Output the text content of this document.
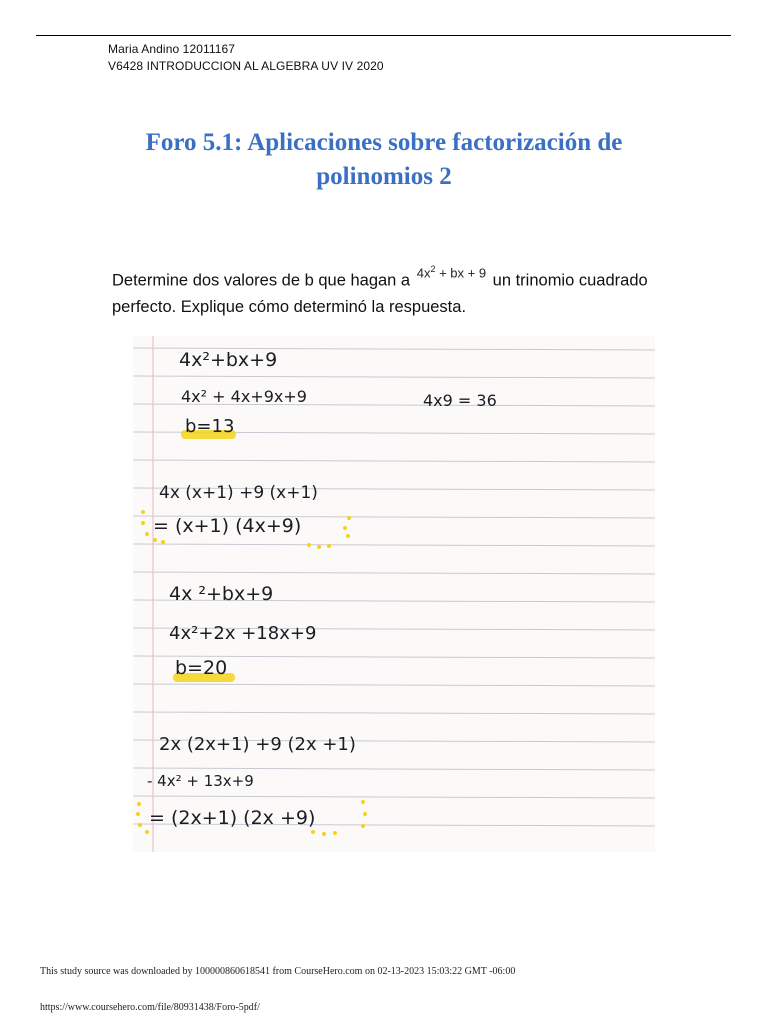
Maria Andino 12011167
V6428 INTRODUCCION AL ALGEBRA UV IV 2020
Foro 5.1: Aplicaciones sobre factorización de polinomios 2
Determine dos valores de b que hagan a $4x^2$ + bx + 9 un trinomio cuadrado perfecto. Explique cómo determinó la respuesta.
4x²+bx+9
4x² + 4x+9x+9	4x9 = 36
b=13
4x (x+1) +9 (x+1)
= (x+1) (4x+9)
4x ²+bx+9
4x²+2x +18x+9
b=20
2x (2x+1) +9 (2x +1)
- 4x² + 13x+9
= (2x+1) (2x +9)
This study source was downloaded by 100000860618541 from CourseHero.com on 02-13-2023 15:03:22 GMT -06:00
https://www.coursehero.com/file/80931438/Foro-5pdf/
